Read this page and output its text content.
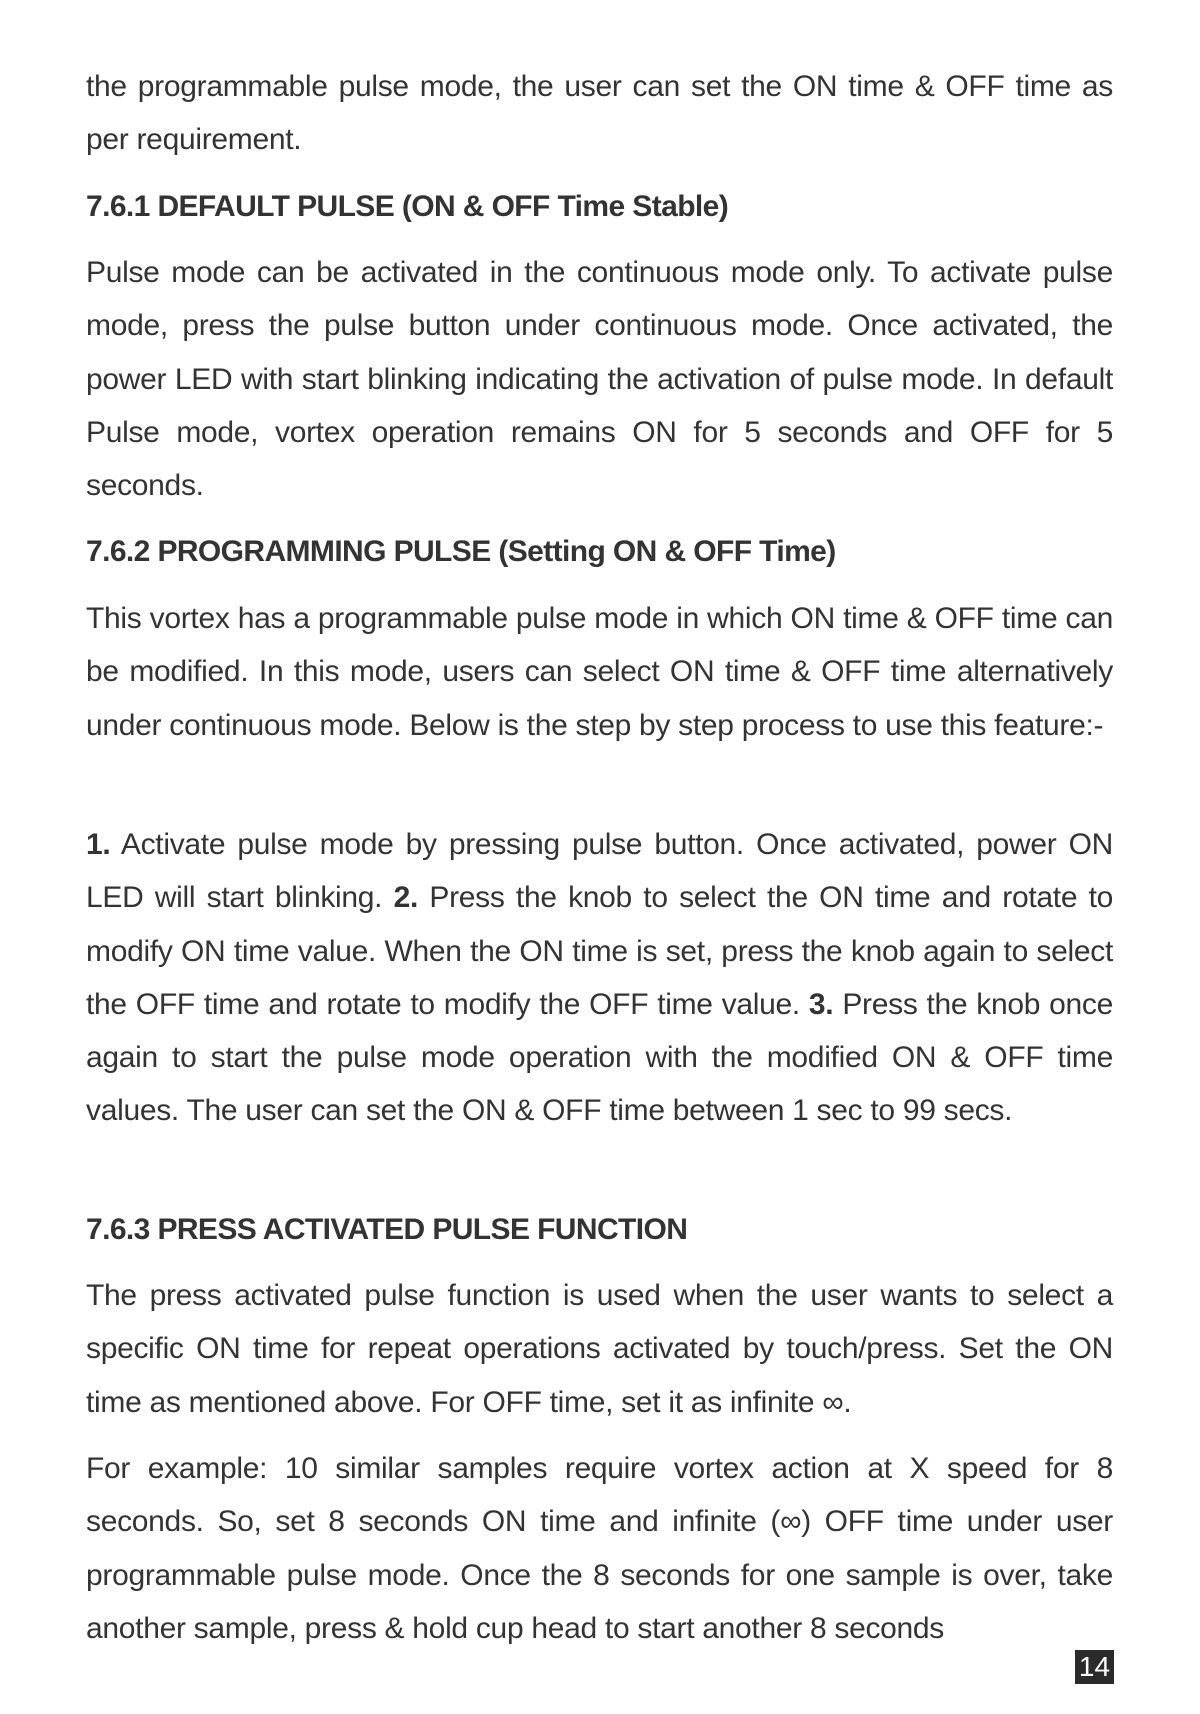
the programmable pulse mode, the user can set the ON time & OFF time as per requirement.
7.6.1 DEFAULT PULSE (ON & OFF Time Stable)
Pulse mode can be activated in the continuous mode only. To activate pulse mode, press the pulse button under continuous mode. Once activated, the power LED with start blinking indicating the activation of pulse mode. In default Pulse mode, vortex operation remains ON for 5 seconds and OFF for 5 seconds.
7.6.2 PROGRAMMING PULSE (Setting ON & OFF Time)
This vortex has a programmable pulse mode in which ON time & OFF time can be modified. In this mode, users can select ON time & OFF time alternatively under continuous mode. Below is the step by step process to use this feature:-
1. Activate pulse mode by pressing pulse button. Once activated, power ON LED will start blinking. 2. Press the knob to select the ON time and rotate to modify ON time value. When the ON time is set, press the knob again to select the OFF time and rotate to modify the OFF time value. 3. Press the knob once again to start the pulse mode operation with the modified ON & OFF time values. The user can set the ON & OFF time between 1 sec to 99 secs.
7.6.3 PRESS ACTIVATED PULSE FUNCTION
The press activated pulse function is used when the user wants to select a specific ON time for repeat operations activated by touch/press. Set the ON time as mentioned above. For OFF time, set it as infinite ∞.
For example: 10 similar samples require vortex action at X speed for 8 seconds. So, set 8 seconds ON time and infinite (∞) OFF time under user programmable pulse mode. Once the 8 seconds for one sample is over, take another sample, press & hold cup head to start another 8 seconds
14
